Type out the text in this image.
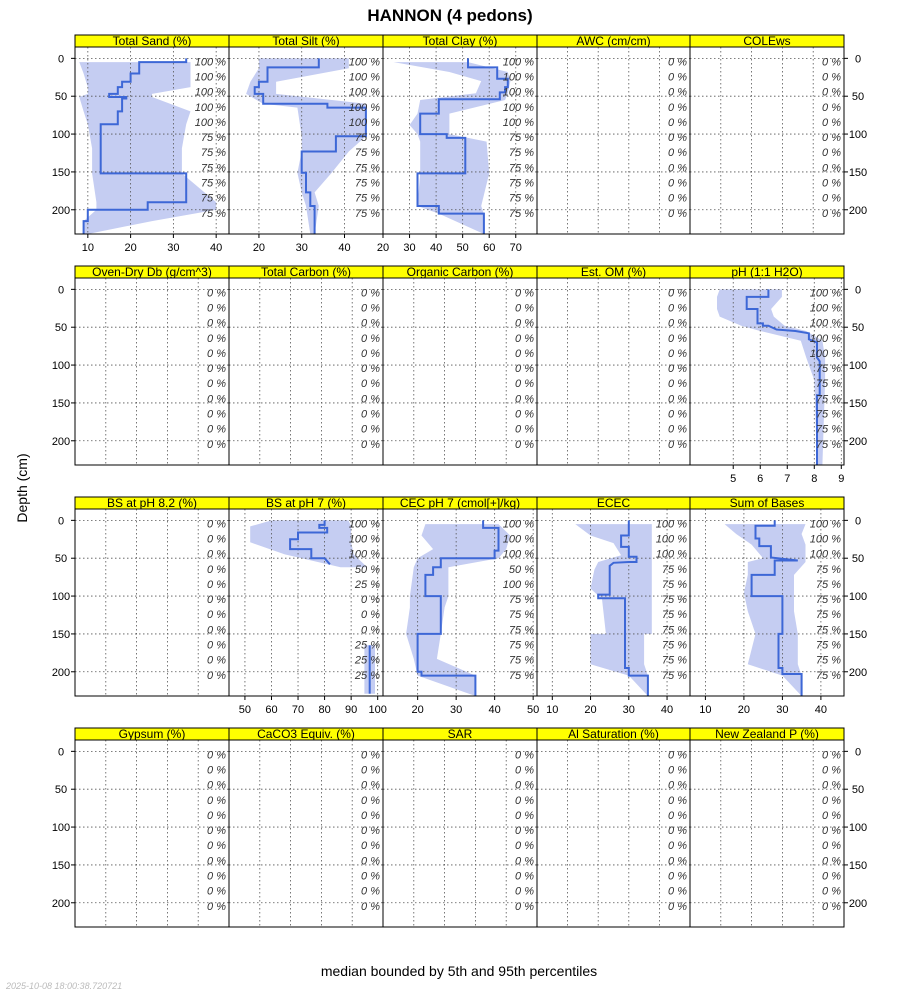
HANNON (4 pedons)
Depth (cm)
median bounded by 5th and 95th percentiles
2025-10-08 18:00:38.720721
Total Sand (%)
100 %
100 %
100 %
100 %
100 %
75 %
75 %
75 %
75 %
75 %
75 %
10	20	30	40
0
50
100
150
200
Total Silt (%)
100 %
100 %
100 %
100 %
100 %
75 %
75 %
75 %
75 %
75 %
75 %
20	30	40
Total Clay (%)
100 %
100 %
100 %
100 %
100 %
75 %
75 %
75 %
75 %
75 %
75 %
20 30 40 50 60 70
AWC (cm/cm)
0 %
0 %
0 %
0 %
0 %
0 %
0 %
0 %
0 %
0 %
0 %
COLEws
0 %
0 %
0 %
0 %
0 %
0 %
0 %
0 %
0 %
0 %
0 %
0
50
100
150
200
Oven-Dry Db (g/cm^3)
0 %
0 %
0 %
0 %
0 %
0 %
0 %
0 %
0 %
0 %
0 %
0
50
100
150
200
Total Carbon (%)
0 %
0 %
0 %
0 %
0 %
0 %
0 %
0 %
0 %
0 %
0 %
Organic Carbon (%)
0 %
0 %
0 %
0 %
0 %
0 %
0 %
0 %
0 %
0 %
0 %
Est. OM (%)
0 %
0 %
0 %
0 %
0 %
0 %
0 %
0 %
0 %
0 %
0 %
pH (1:1 H2O)
100 %
100 %
100 %
100 %
100 %
75 %
75 %
75 %
75 %
75 %
75 %
5 6 7 8 9
0
50
100
150
200
BS at pH 8.2 (%)
0 %
0 %
0 %
0 %
0 %
0 %
0 %
0 %
0 %
0 %
0 %
0
50
100
150
200
BS at pH 7 (%)
100 %
100 %
100 %
50 %
25 %
0 %
0 %
0 %
25 %
25 %
25 %
50 60 70 80 90 100
CEC pH 7 (cmol[+]/kg)
100 %
100 %
100 %
50 %
100 %
75 %
75 %
75 %
75 %
75 %
75 %
20 30 40 50
ECEC
100 %
100 %
100 %
75 %
75 %
75 %
75 %
75 %
75 %
75 %
75 %
10 20 30 40
Sum of Bases
100 %
100 %
100 %
75 %
75 %
75 %
75 %
75 %
75 %
75 %
75 %
10 20 30 40
0
50
100
150
200
Gypsum (%)
0 %
0 %
0 %
0 %
0 %
0 %
0 %
0 %
0 %
0 %
0 %
0
50
100
150
200
CaCO3 Equiv. (%)
0 %
0 %
0 %
0 %
0 %
0 %
0 %
0 %
0 %
0 %
0 %
SAR
0 %
0 %
0 %
0 %
0 %
0 %
0 %
0 %
0 %
0 %
0 %
Al Saturation (%)
0 %
0 %
0 %
0 %
0 %
0 %
0 %
0 %
0 %
0 %
0 %
New Zealand P (%)
0 %
0 %
0 %
0 %
0 %
0 %
0 %
0 %
0 %
0 %
0 %
0
50
100
150
200
